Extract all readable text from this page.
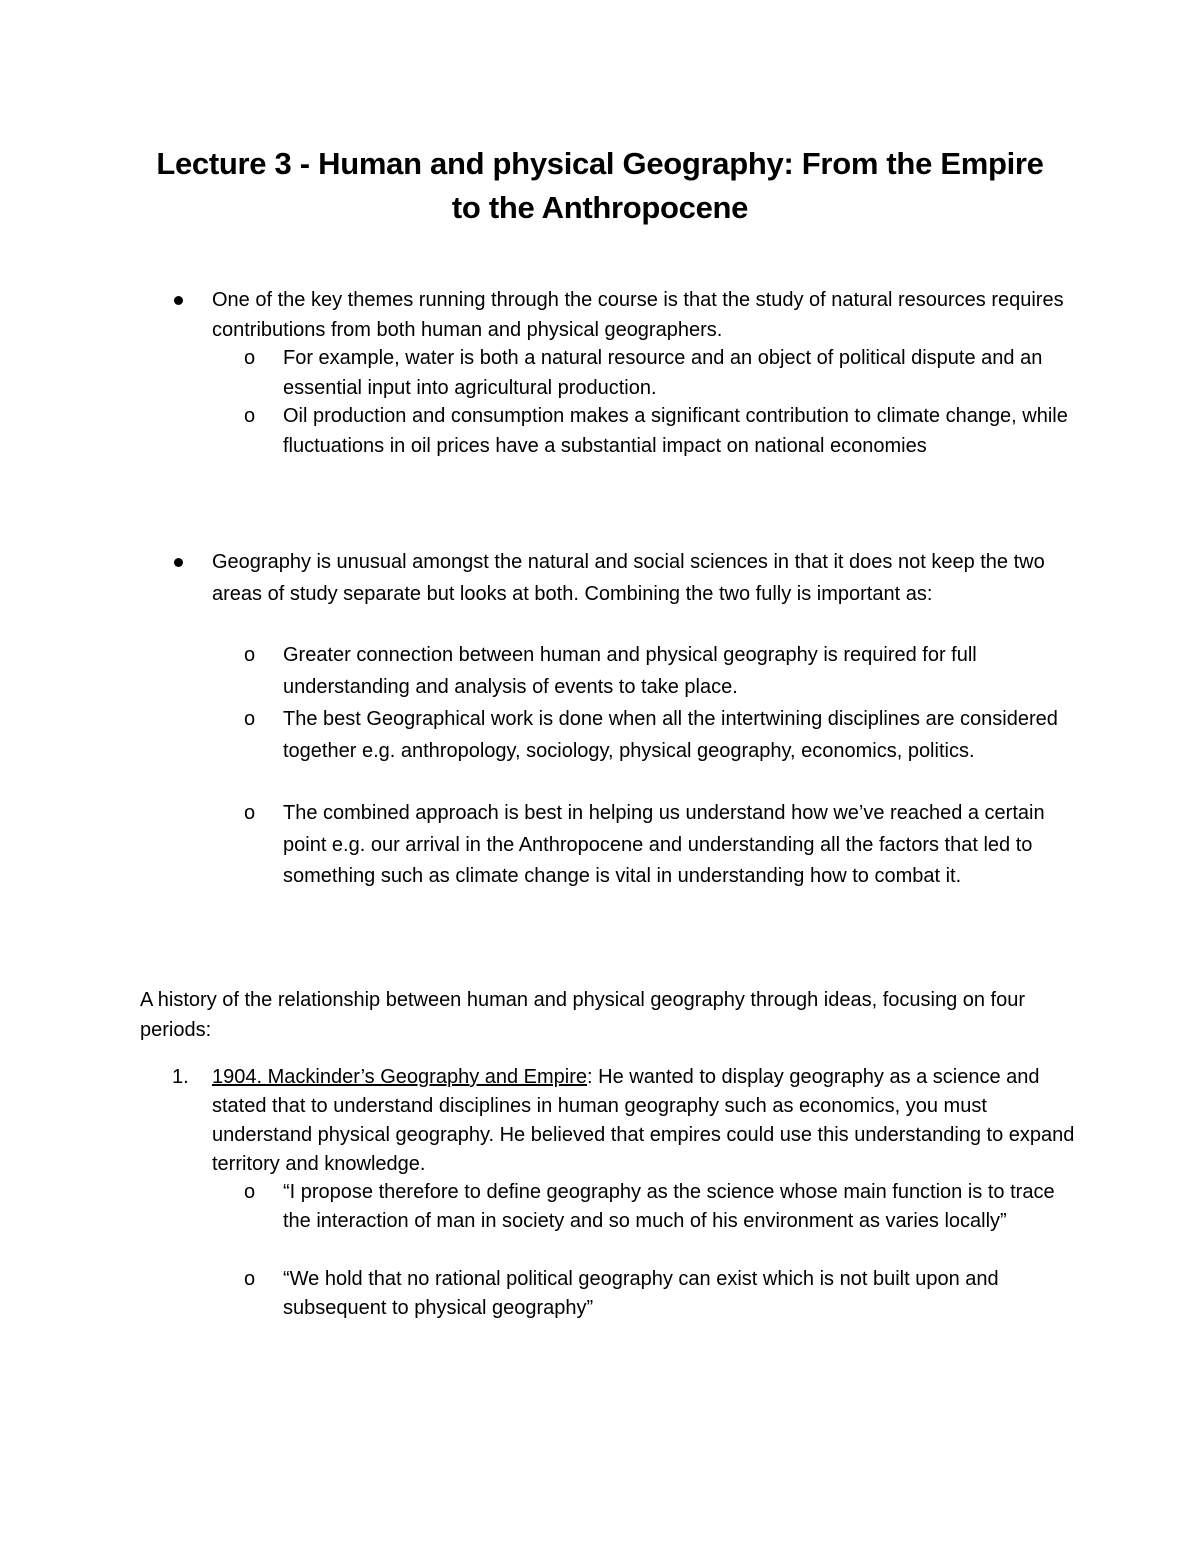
Lecture 3 - Human and physical Geography: From the Empire
to the Anthropocene
One of the key themes running through the course is that the study of natural resources requires contributions from both human and physical geographers.
o For example, water is both a natural resource and an object of political dispute and an essential input into agricultural production.
o Oil production and consumption makes a significant contribution to climate change, while fluctuations in oil prices have a substantial impact on national economies
Geography is unusual amongst the natural and social sciences in that it does not keep the two areas of study separate but looks at both. Combining the two fully is important as:
o Greater connection between human and physical geography is required for full understanding and analysis of events to take place.
o The best Geographical work is done when all the intertwining disciplines are considered together e.g. anthropology, sociology, physical geography, economics, politics.
o The combined approach is best in helping us understand how we’ve reached a certain point e.g. our arrival in the Anthropocene and understanding all the factors that led to something such as climate change is vital in understanding how to combat it.
A history of the relationship between human and physical geography through ideas, focusing on four periods:
1. 1904. Mackinder’s Geography and Empire: He wanted to display geography as a science and stated that to understand disciplines in human geography such as economics, you must understand physical geography. He believed that empires could use this understanding to expand territory and knowledge.
o “I propose therefore to define geography as the science whose main function is to trace the interaction of man in society and so much of his environment as varies locally”
o “We hold that no rational political geography can exist which is not built upon and subsequent to physical geography”
